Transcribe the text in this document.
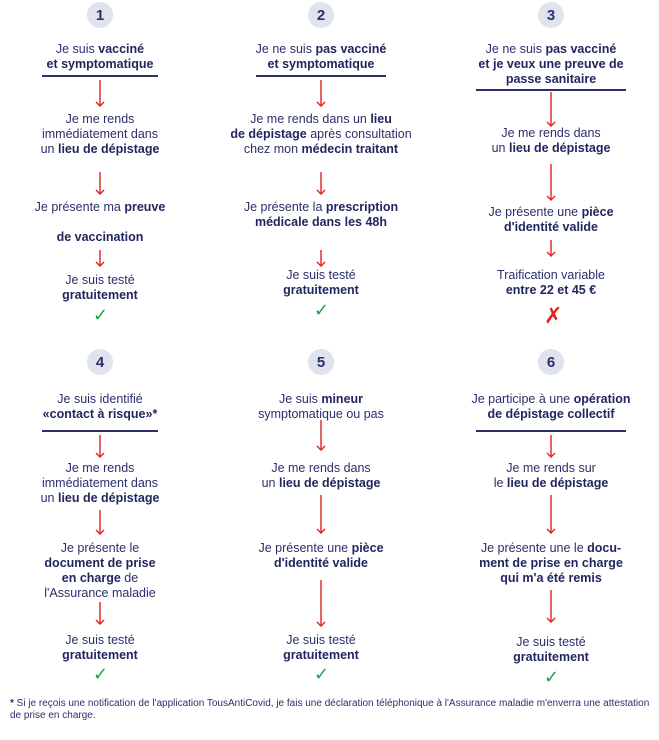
1
Je suis vacciné
et symptomatique
Je me rends
immédiatement dans
un lieu de dépistage
Je présente ma preuve

de vaccination
Je suis testé
gratuitement
✓
2
Je ne suis pas vacciné
et symptomatique
Je me rends dans un lieu
de dépistage après consultation
chez mon médecin traitant
Je présente la prescription
médicale dans les 48h
Je suis testé
gratuitement
✓
3
Je ne suis pas vacciné
et je veux une preuve de
passe sanitaire
Je me rends dans
un lieu de dépistage
Je présente une pièce
d'identité valide
Traification variable
entre 22 et 45 €
✗
4
Je suis identifié
«contact à risque»*
Je me rends
immédiatement dans
un lieu de dépistage
Je présente le
document de prise
en charge de
l'Assurance maladie
Je suis testé
gratuitement
✓
5
Je suis mineur
symptomatique ou pas
Je me rends dans
un lieu de dépistage
Je présente une pièce
d'identité valide
Je suis testé
gratuitement
✓
6
Je participe à une opération
de dépistage collectif
Je me rends sur
le lieu de dépistage
Je présente une le docu-
ment de prise en charge
qui m'a été remis
Je suis testé
gratuitement
✓
* Si je reçois une notification de l'application TousAntiCovid, je fais une déclaration téléphonique à l'Assurance maladie m'enverra une attestation de prise en charge.
